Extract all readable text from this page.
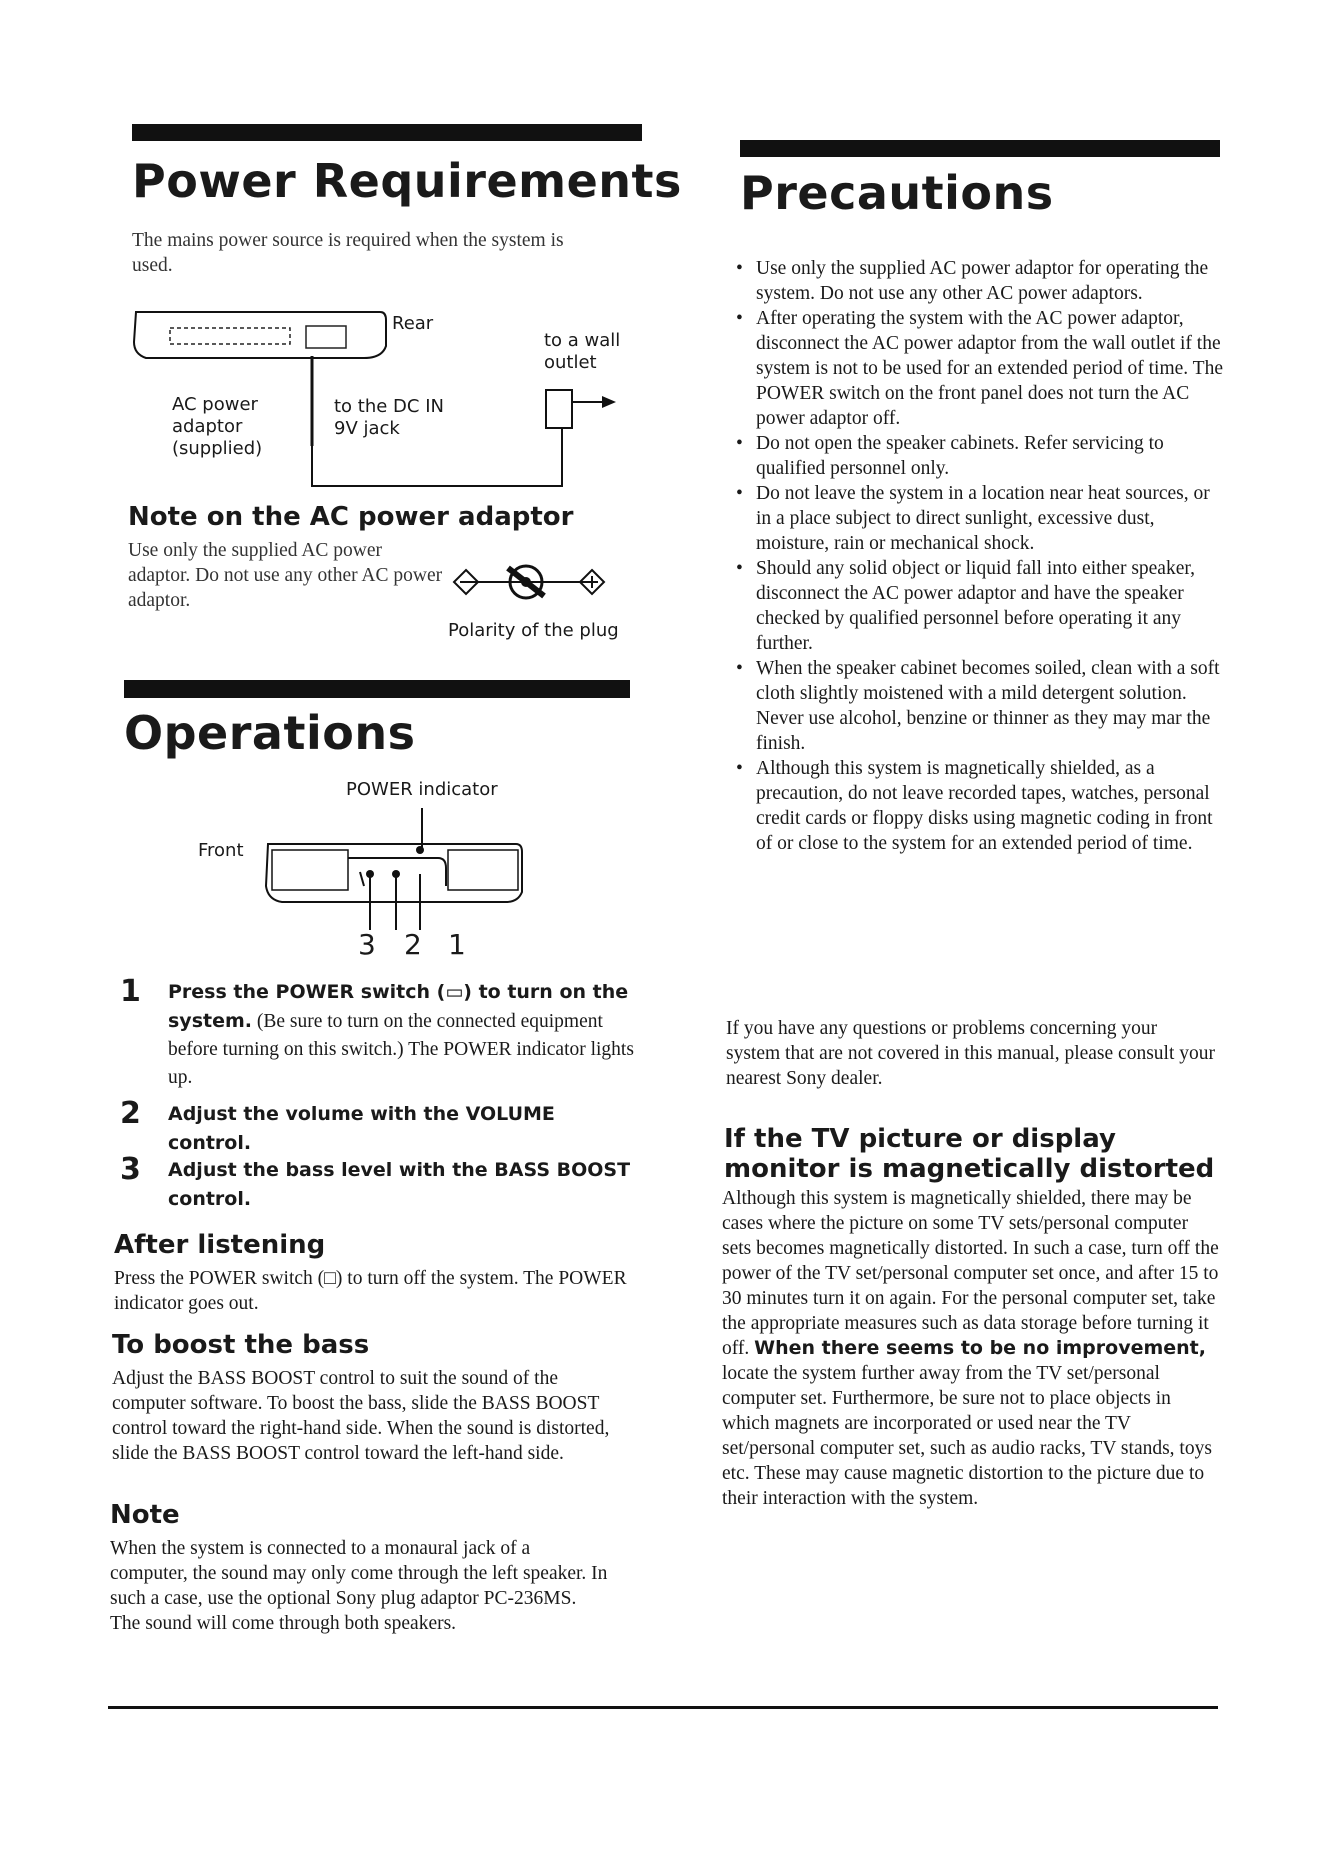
Power Requirements

The mains power source is required when the system is used.

Rear
to a wall outlet
AC power adaptor (supplied)
to the DC IN 9V jack
Note on the AC power adaptor

Use only the supplied AC power adaptor. Do not use any other AC power adaptor.

Polarity of the plug
Operations
POWER indicator
Front
3 2 1
1 Press the POWER switch (▭) to turn on the system. (Be sure to turn on the connected equipment before turning on this switch.) The POWER indicator lights up.
2 Adjust the volume with the VOLUME control.
3 Adjust the bass level with the BASS BOOST control.
After listening

Press the POWER switch (□) to turn off the system. The POWER indicator goes out.

To boost the bass

Adjust the BASS BOOST control to suit the sound of the computer software. To boost the bass, slide the BASS BOOST control toward the right-hand side. When the sound is distorted, slide the BASS BOOST control toward the left-hand side.

Note

When the system is connected to a monaural jack of a computer, the sound may only come through the left speaker. In such a case, use the optional Sony plug adaptor PC-236MS. The sound will come through both speakers.

Precautions
• Use only the supplied AC power adaptor for operating the system. Do not use any other AC power adaptors.
• After operating the system with the AC power adaptor, disconnect the AC power adaptor from the wall outlet if the system is not to be used for an extended period of time. The POWER switch on the front panel does not turn the AC power adaptor off.
• Do not open the speaker cabinets. Refer servicing to qualified personnel only.
• Do not leave the system in a location near heat sources, or in a place subject to direct sunlight, excessive dust, moisture, rain or mechanical shock.
• Should any solid object or liquid fall into either speaker, disconnect the AC power adaptor and have the speaker checked by qualified personnel before operating it any further.
• When the speaker cabinet becomes soiled, clean with a soft cloth slightly moistened with a mild detergent solution. Never use alcohol, benzine or thinner as they may mar the finish.
• Although this system is magnetically shielded, as a precaution, do not leave recorded tapes, watches, personal credit cards or floppy disks using magnetic coding in front of or close to the system for an extended period of time.

If you have any questions or problems concerning your system that are not covered in this manual, please consult your nearest Sony dealer.

If the TV picture or display monitor is magnetically distorted

Although this system is magnetically shielded, there may be cases where the picture on some TV sets/personal computer sets becomes magnetically distorted. In such a case, turn off the power of the TV set/personal computer set once, and after 15 to 30 minutes turn it on again. For the personal computer set, take the appropriate measures such as data storage before turning it off. When there seems to be no improvement, locate the system further away from the TV set/personal computer set. Furthermore, be sure not to place objects in which magnets are incorporated or used near the TV set/personal computer set, such as audio racks, TV stands, toys etc. These may cause magnetic distortion to the picture due to their interaction with the system.
